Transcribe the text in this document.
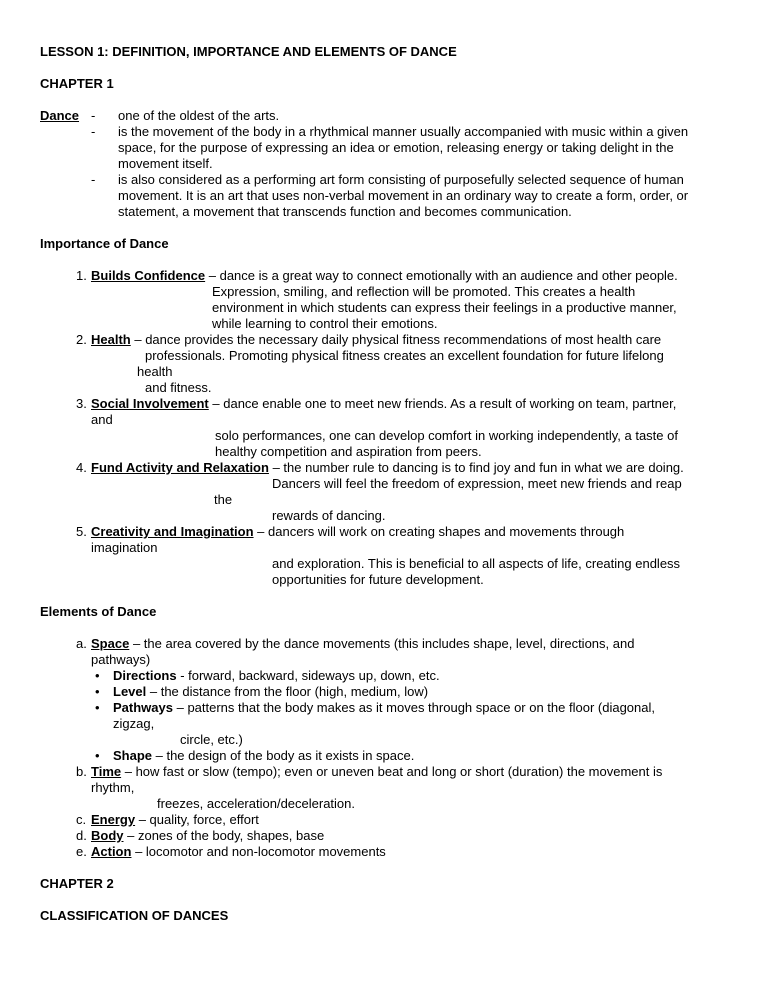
LESSON 1: DEFINITION, IMPORTANCE AND ELEMENTS OF DANCE
CHAPTER 1
Dance - one of the oldest of the arts.
- is the movement of the body in a rhythmical manner usually accompanied with music within a given
space, for the purpose of expressing an idea or emotion, releasing energy or taking delight in the
movement itself.
- is also considered as a performing art form consisting of purposefully selected sequence of human
movement. It is an art that uses non-verbal movement in an ordinary way to create a form, order, or
statement, a movement that transcends function and becomes communication.
Importance of Dance
1. Builds Confidence – dance is a great way to connect emotionally with an audience and other people.
Expression, smiling, and reflection will be promoted. This creates a health
environment in which students can express their feelings in a productive manner,
while learning to control their emotions.
2. Health – dance provides the necessary daily physical fitness recommendations of most health care
professionals. Promoting physical fitness creates an excellent foundation for future lifelong
health
and fitness.
3. Social Involvement – dance enable one to meet new friends. As a result of working on team, partner,
and
solo performances, one can develop comfort in working independently, a taste of
healthy competition and aspiration from peers.
4. Fund Activity and Relaxation – the number rule to dancing is to find joy and fun in what we are doing.
Dancers will feel the freedom of expression, meet new friends and reap
the
rewards of dancing.
5. Creativity and Imagination – dancers will work on creating shapes and movements through
imagination
and exploration. This is beneficial to all aspects of life, creating endless
opportunities for future development.
Elements of Dance
a. Space – the area covered by the dance movements (this includes shape, level, directions, and
pathways)
• Directions - forward, backward, sideways up, down, etc.
• Level – the distance from the floor (high, medium, low)
• Pathways – patterns that the body makes as it moves through space or on the floor (diagonal,
zigzag,
circle, etc.)
• Shape – the design of the body as it exists in space.
b. Time – how fast or slow (tempo); even or uneven beat and long or short (duration) the movement is
rhythm,
freezes, acceleration/deceleration.
c. Energy – quality, force, effort
d. Body – zones of the body, shapes, base
e. Action – locomotor and non-locomotor movements
CHAPTER 2
CLASSIFICATION OF DANCES
